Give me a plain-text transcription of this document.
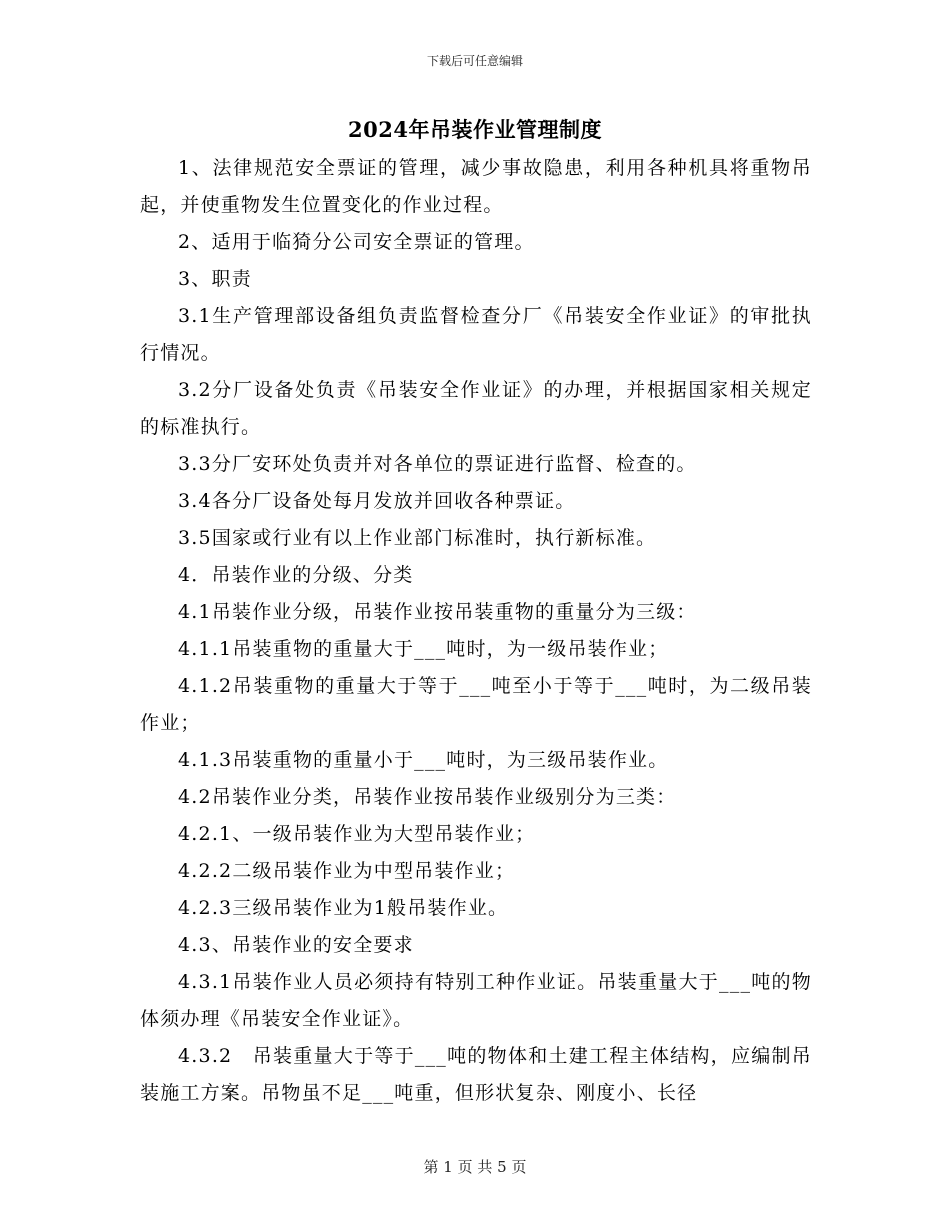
下载后可任意编辑
2024年吊装作业管理制度

1、法律规范安全票证的管理，减少事故隐患，利用各种机具将重物吊起，并使重物发生位置变化的作业过程。

2、适用于临猗分公司安全票证的管理。

3、职责

3.1生产管理部设备组负责监督检查分厂《吊装安全作业证》的审批执行情况。

3.2分厂设备处负责《吊装安全作业证》的办理，并根据国家相关规定的标准执行。

3.3分厂安环处负责并对各单位的票证进行监督、检查的。

3.4各分厂设备处每月发放并回收各种票证。

3.5国家或行业有以上作业部门标准时，执行新标准。

4．吊装作业的分级、分类

4.1吊装作业分级，吊装作业按吊装重物的重量分为三级：

4.1.1吊装重物的重量大于___吨时，为一级吊装作业；

4.1.2吊装重物的重量大于等于___吨至小于等于___吨时，为二级吊装作业；

4.1.3吊装重物的重量小于___吨时，为三级吊装作业。

4.2吊装作业分类，吊装作业按吊装作业级别分为三类：

4.2.1、一级吊装作业为大型吊装作业；

4.2.2二级吊装作业为中型吊装作业；

4.2.3三级吊装作业为1般吊装作业。

4.3、吊装作业的安全要求

4.3.1吊装作业人员必须持有特别工种作业证。吊装重量大于___吨的物体须办理《吊装安全作业证》。

4.3.2　吊装重量大于等于___吨的物体和土建工程主体结构，应编制吊装施工方案。吊物虽不足___吨重，但形状复杂、刚度小、长径

第 1 页 共 5 页
